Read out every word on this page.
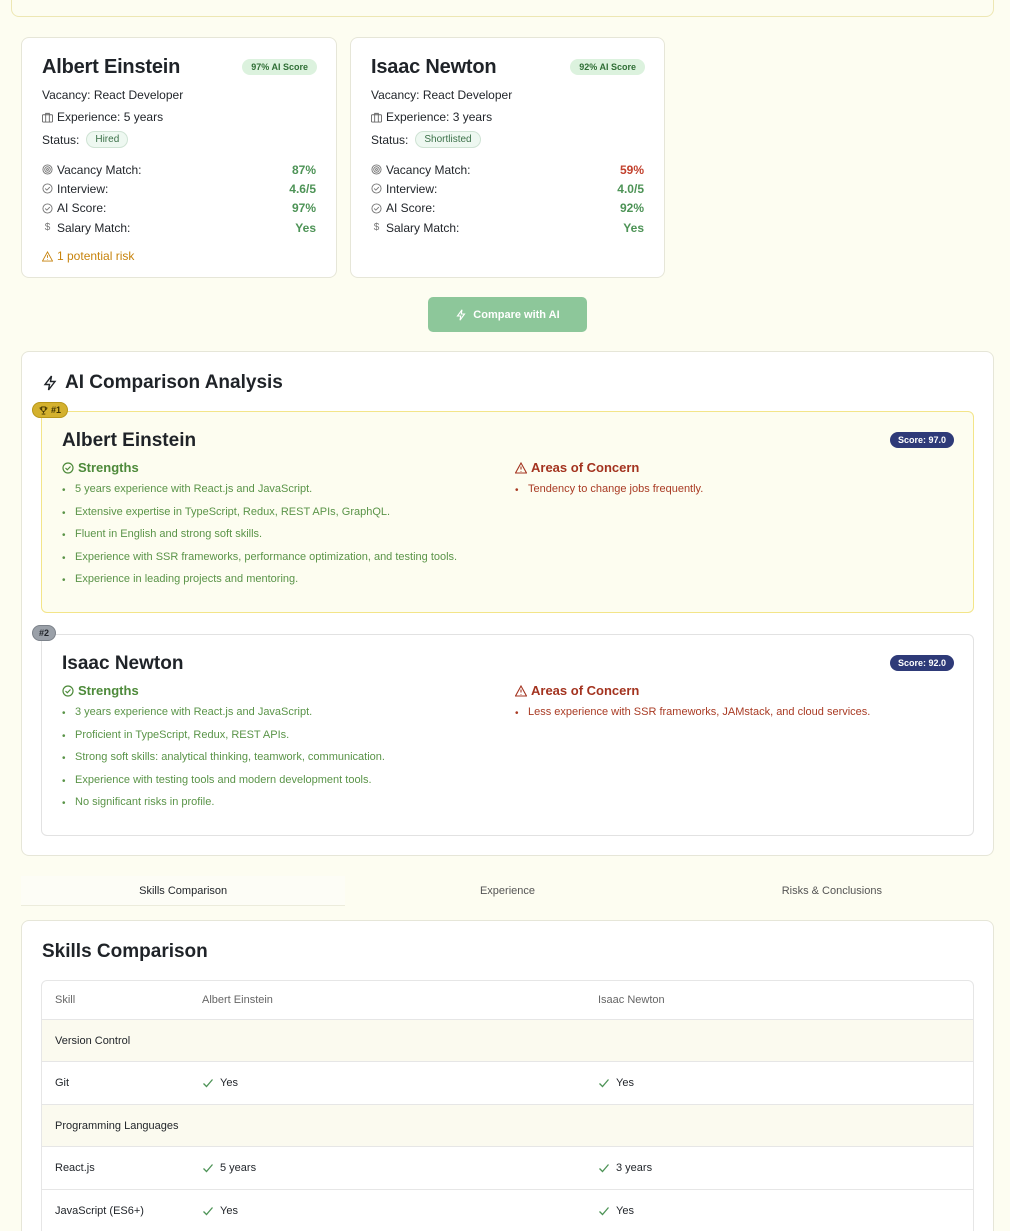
Albert Einstein	97% AI Score
Vacancy:
React Developer
Experience:
5 years
Status:	Hired
Vacancy Match:	87%
Interview:	4.6/5
AI Score:	97%
$ Salary Match:	Yes
1 potential risk
Isaac Newton	92% AI Score
Vacancy:
React Developer
Experience:
3 years
Status:	Shortlisted
Vacancy Match:	59%
Interview:	4.0/5
AI Score:	92%
$ Salary Match:	Yes
Compare with AI
AI Comparison Analysis
#1
Albert Einstein	Score: 97.0
Strengths
• 5 years experience with React.js and JavaScript.
• Extensive expertise in TypeScript, Redux, REST APIs, GraphQL.
• Fluent in English and strong soft skills.
• Experience with SSR frameworks, performance optimization, and testing tools.
• Experience in leading projects and mentoring.
Areas of Concern
• Tendency to change jobs frequently.
#2
Isaac Newton	Score: 92.0
Strengths
• 3 years experience with React.js and JavaScript.
• Proficient in TypeScript, Redux, REST APIs.
• Strong soft skills: analytical thinking, teamwork, communication.
• Experience with testing tools and modern development tools.
• No significant risks in profile.
Areas of Concern
• Less experience with SSR frameworks, JAMstack, and cloud services.
Skills Comparison	Experience	Risks & Conclusions
Skills Comparison
Skill	Albert Einstein	Isaac Newton
Version Control
Git	Yes	Yes
Programming Languages
React.js	5 years	3 years
JavaScript (ES6+)	Yes	Yes
